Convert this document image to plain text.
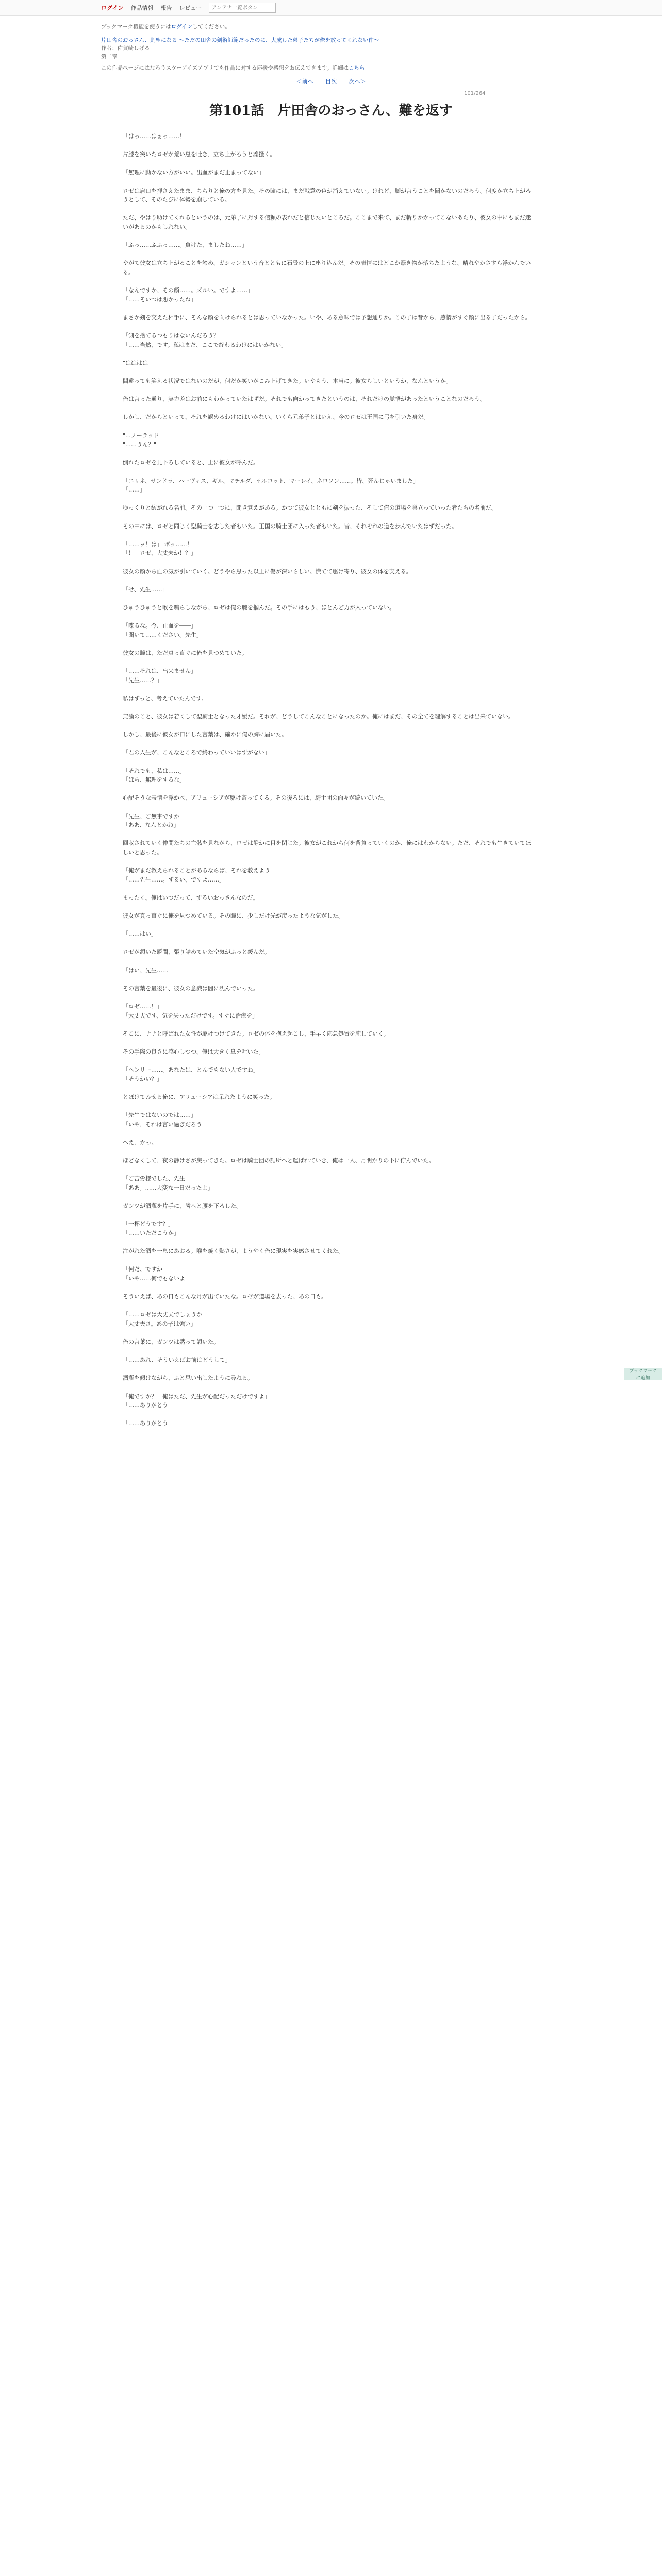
ログイン 作品情報 報告 レビュー
アンテナ一覧ボタン
ブックマーク機能を使うにはログインしてください。
片田舎のおっさん、剣聖になる ～ただの田舎の剣術師範だったのに、大成した弟子たちが俺を放ってくれない件～
作者：佐賀崎しげる
第二章
この作品ページにはなろうスターアイズアプリでも作品に対する応援や感想をお伝えできます。詳細はこちら
＜前へ 目次 次へ＞
101/264
第101話　片田舎のおっさん、難を返す

「はっ……はぁっ……！」

片膝を突いたロゼが荒い息を吐き、立ち上がろうと藻掻く。

「無理に動かない方がいい。出血がまだ止まってない」

ロゼは肩口を押さえたまま、ちらりと俺の方を見た。その瞳には、まだ戦意の色が消えていない。けれど、脚が言うことを聞かないのだろう。何度か立ち上がろうとして、そのたびに体勢を崩している。

ただ、やはり助けてくれるというのは、元弟子に対する信頼の表れだと信じたいところだ。ここまで来て、まだ斬りかかってこないあたり、彼女の中にもまだ迷いがあるのかもしれない。

「ふっ……ふふっ……。負けた、ましたね……」

やがて彼女は立ち上がることを諦め、ガシャンという音とともに石畳の上に座り込んだ。その表情にはどこか憑き物が落ちたような、晴れやかさすら浮かんでいる。

「なんですか、その顔……。ズルい。ですよ……」
「……そいつは悪かったね」

まさか剣を交えた相手に、そんな顔を向けられるとは思っていなかった。いや、ある意味では予想通りか。この子は昔から、感情がすぐ顔に出る子だったから。

「剣を捨てるつもりはないんだろう？」
「……当然、です。私はまだ、ここで終わるわけにはいかない」

"はははは

間違っても笑える状況ではないのだが、何だか笑いがこみ上げてきた。いやもう、本当に。彼女らしいというか、なんというか。

俺は言った通り、実力差はお前にもわかっていたはずだ。それでも向かってきたというのは、それだけの覚悟があったということなのだろう。

しかし、だからといって、それを認めるわけにはいかない。いくら元弟子とはいえ、今のロゼは王国に弓を引いた身だ。

"…ノーラッド
"……うん？"

倒れたロゼを見下ろしていると、上に彼女が呼んだ。

「エリネ、サンドラ、ハーヴィス、ギル、マチルダ、テルコット、マーレイ、ネロソン……。皆、死んじゃいました」
「……」

ゆっくりと紡がれる名前。その一つ一つに、聞き覚えがある。かつて彼女とともに剣を振った、そして俺の道場を巣立っていった者たちの名前だ。

その中には、ロゼと同じく聖騎士を志した者もいた。王国の騎士団に入った者もいた。皆、それぞれの道を歩んでいたはずだった。

「……ッ！は」 ボッ……！
「！　ロゼ、大丈夫か！？」

彼女の顔から血の気が引いていく。どうやら思った以上に傷が深いらしい。慌てて駆け寄り、彼女の体を支える。

「せ、先生……」

ひゅうひゅうと喉を鳴らしながら、ロゼは俺の腕を掴んだ。その手にはもう、ほとんど力が入っていない。

「喋るな。今、止血を――」
「聞いて……ください。先生」

彼女の瞳は、ただ真っ直ぐに俺を見つめていた。

「……それは、出来ません」
「先生……？」

私はずっと、考えていたんです。

無論のこと、彼女は若くして聖騎士となった才媛だ。それが、どうしてこんなことになったのか。俺にはまだ、その全てを理解することは出来ていない。

しかし、最後に彼女が口にした言葉は、確かに俺の胸に届いた。

「君の人生が、こんなところで終わっていいはずがない」

「それでも、私は……」
「ほら、無理をするな」

心配そうな表情を浮かべ、アリューシアが駆け寄ってくる。その後ろには、騎士団の面々が続いていた。

「先生、ご無事ですか」
「ああ、なんとかね」

回収されていく仲間たちの亡骸を見ながら、ロゼは静かに目を閉じた。彼女がこれから何を背負っていくのか、俺にはわからない。ただ、それでも生きていてほしいと思った。

「俺がまだ教えられることがあるならば、それを教えよう」
「……先生……。ずるい、ですよ……」

まったく。俺はいつだって、ずるいおっさんなのだ。

彼女が真っ直ぐに俺を見つめている。その瞳に、少しだけ光が戻ったような気がした。

「……はい」

ロゼが頷いた瞬間、張り詰めていた空気がふっと緩んだ。

「はい、先生……」

その言葉を最後に、彼女の意識は闇に沈んでいった。

「ロゼ……！」
「大丈夫です、気を失っただけです。すぐに治療を」

そこに、ナナと呼ばれた女性が駆けつけてきた。ロゼの体を抱え起こし、手早く応急処置を施していく。

その手際の良さに感心しつつ、俺は大きく息を吐いた。

「ヘンリー……。あなたは、とんでもない人ですね」
「そうかい？」

とぼけてみせる俺に、アリューシアは呆れたように笑った。

「先生ではないのでは……」
「いや、それは言い過ぎだろう」

へえ、かっ。

ほどなくして、夜の静けさが戻ってきた。ロゼは騎士団の詰所へと運ばれていき、俺は一人、月明かりの下に佇んでいた。

「ご苦労様でした、先生」
「ああ。……大変な一日だったよ」

ガンツが酒瓶を片手に、隣へと腰を下ろした。

「一杯どうです？」
「……いただこうか」

注がれた酒を一息にあおる。喉を焼く熱さが、ようやく俺に現実を実感させてくれた。

「何だ、ですか」
「いや……何でもないよ」

そういえば、あの日もこんな月が出ていたな。ロゼが道場を去った、あの日も。

「……ロゼは大丈夫でしょうか」
「大丈夫さ。あの子は強い」

俺の言葉に、ガンツは黙って頷いた。

「……あれ、そういえばお前はどうして」

酒瓶を傾けながら、ふと思い出したように尋ねる。

「俺ですか？　俺はただ、先生が心配だっただけですよ」
「……ありがとう」

「……ありがとう」

ブックマークに追加
